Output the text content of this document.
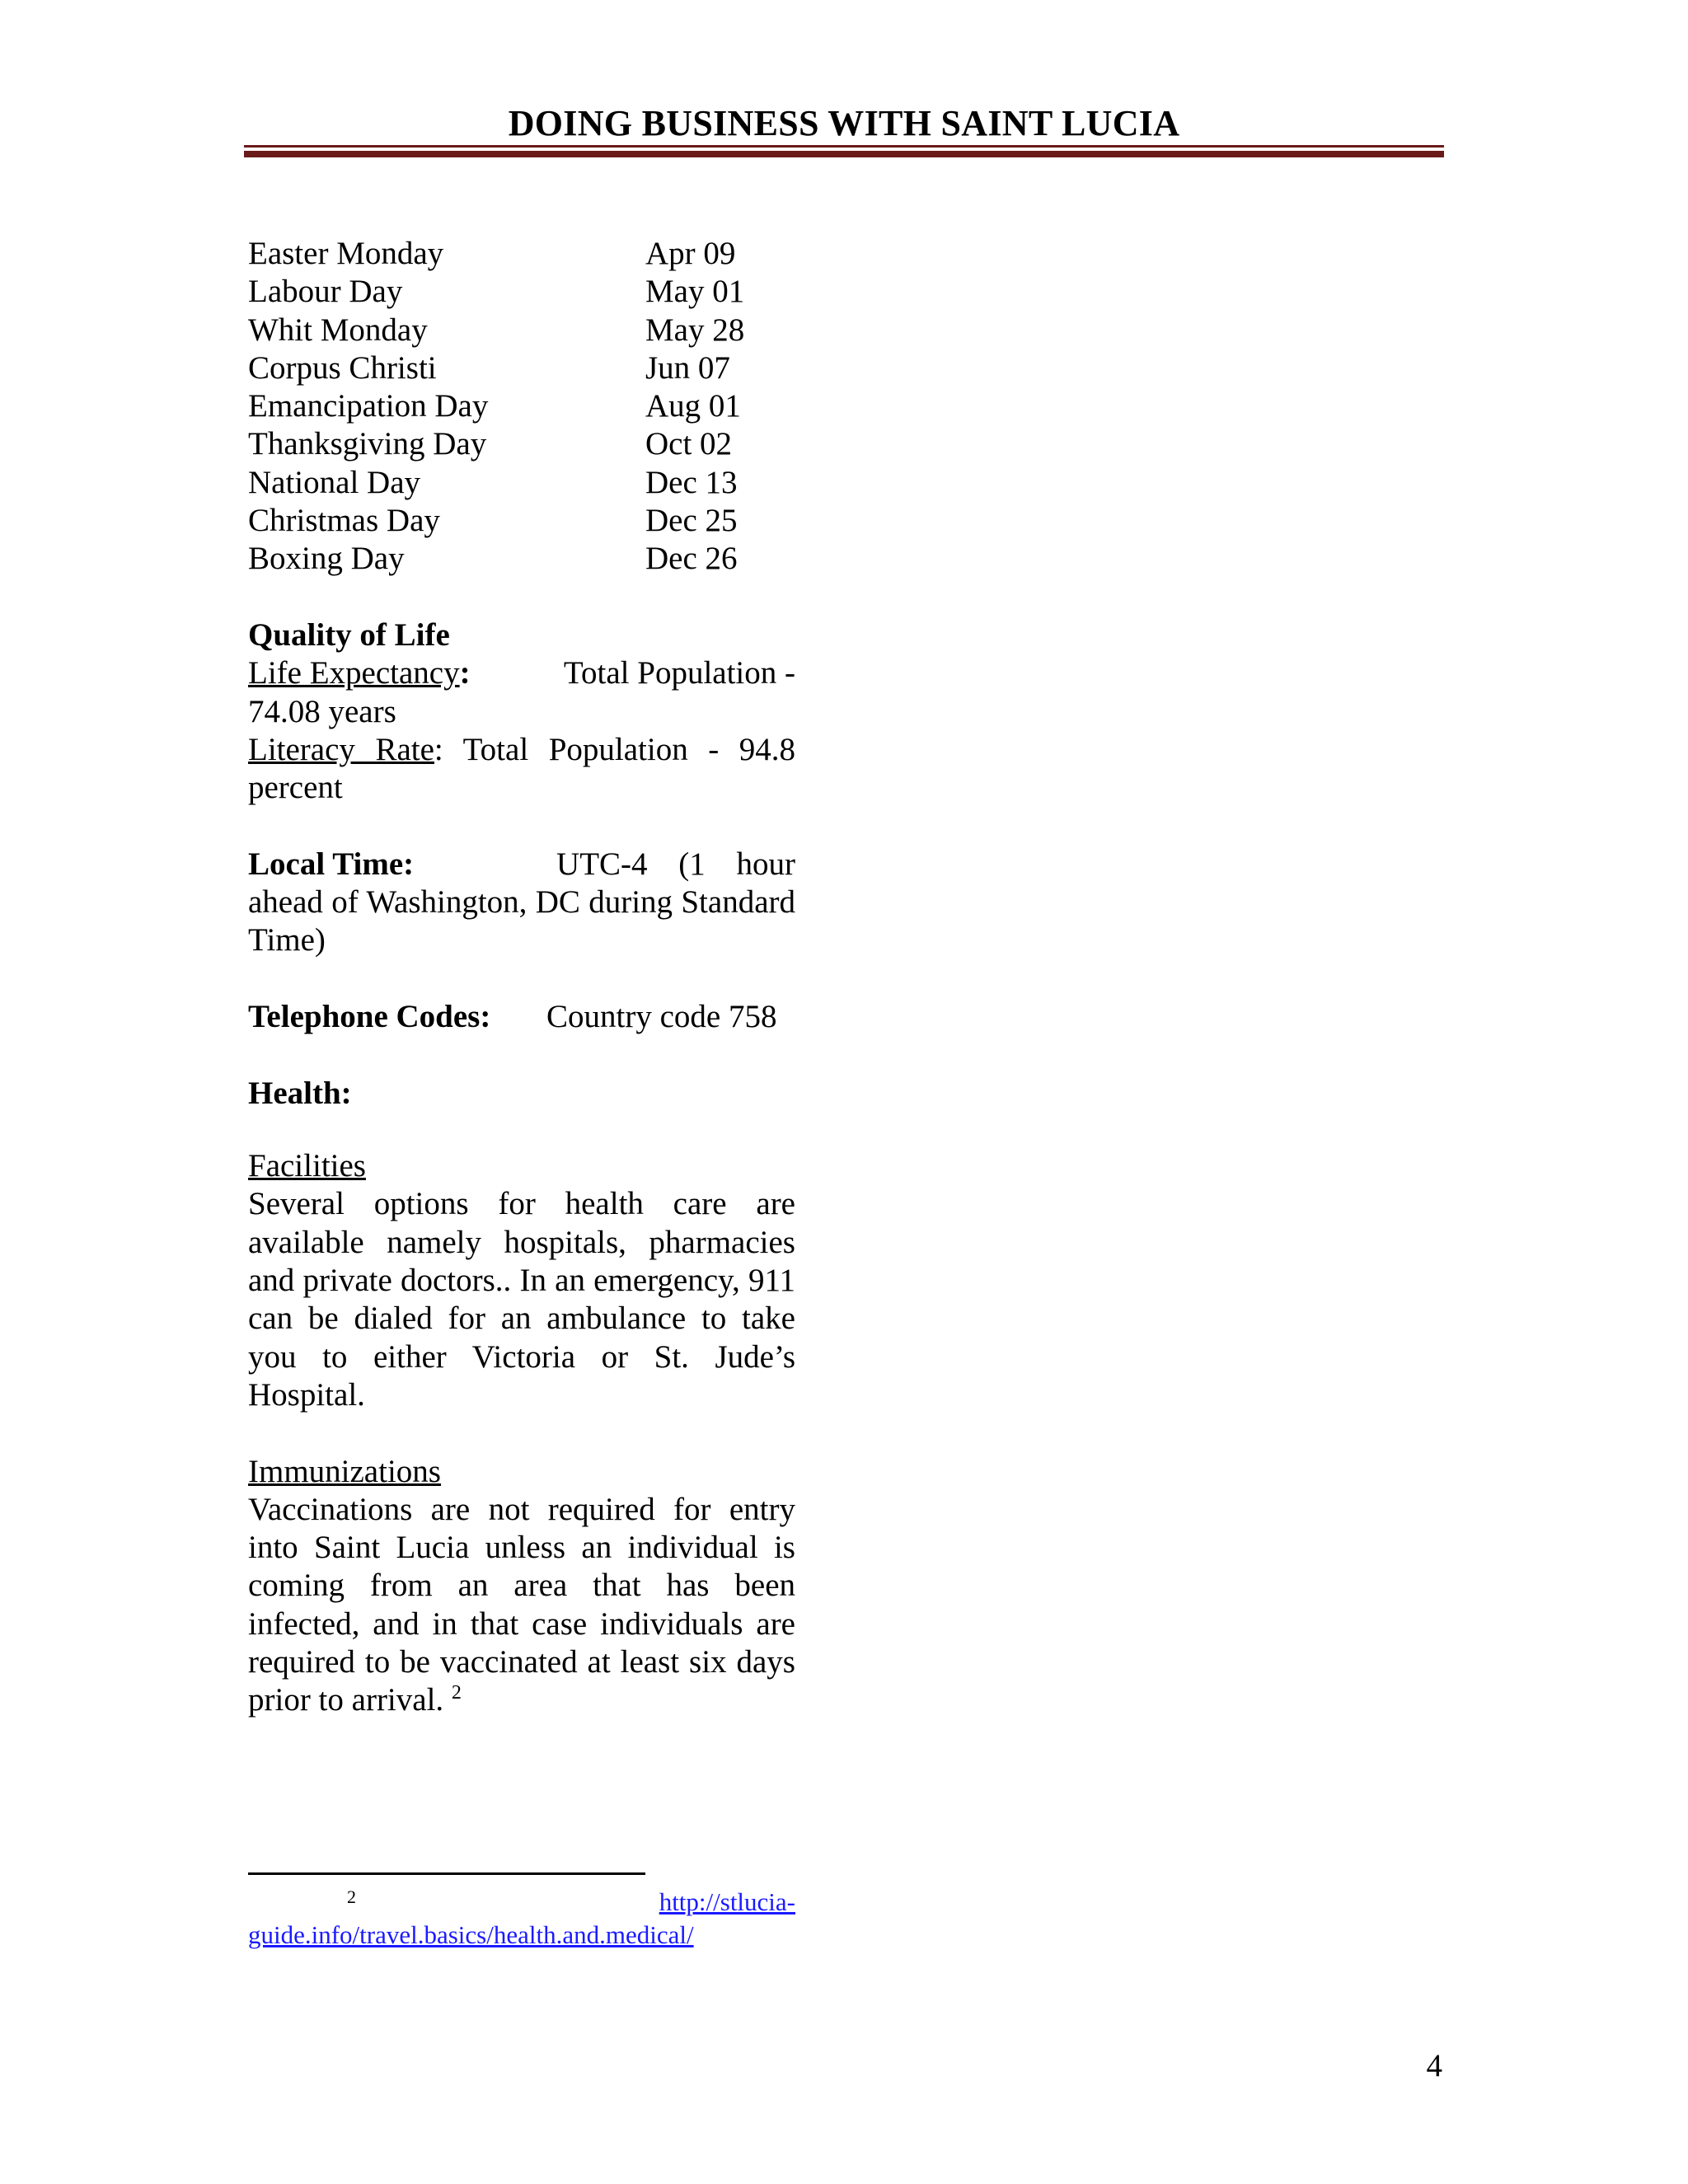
DOING BUSINESS WITH SAINT LUCIA
Easter Monday	Apr 09
Labour Day	May 01
Whit Monday	May 28
Corpus Christi	Jun 07
Emancipation Day	Aug 01
Thanksgiving Day	Oct 02
National Day	Dec 13
Christmas Day	Dec 25
Boxing Day	Dec 26
Quality of Life
Life Expectancy :	Total Population -
74.08 years
Literacy Rate: Total Population - 94.8 percent
Local Time:	UTC-4 (1 hour
ahead of Washington, DC during Standard Time)
Telephone Codes:	Country code 758
Health:
Facilities
Several options for health care are available namely hospitals, pharmacies and private doctors.. In an emergency, 911 can be dialed for an ambulance to take you to either Victoria or St. Jude’s Hospital.
Immunizations
Vaccinations are not required for entry into Saint Lucia unless an individual is coming from an area that has been infected, and in that case individuals are required to be vaccinated at least six days prior to arrival. $^2$
2	http://stlucia-
guide.info/travel.basics/health.and.medical/
4
